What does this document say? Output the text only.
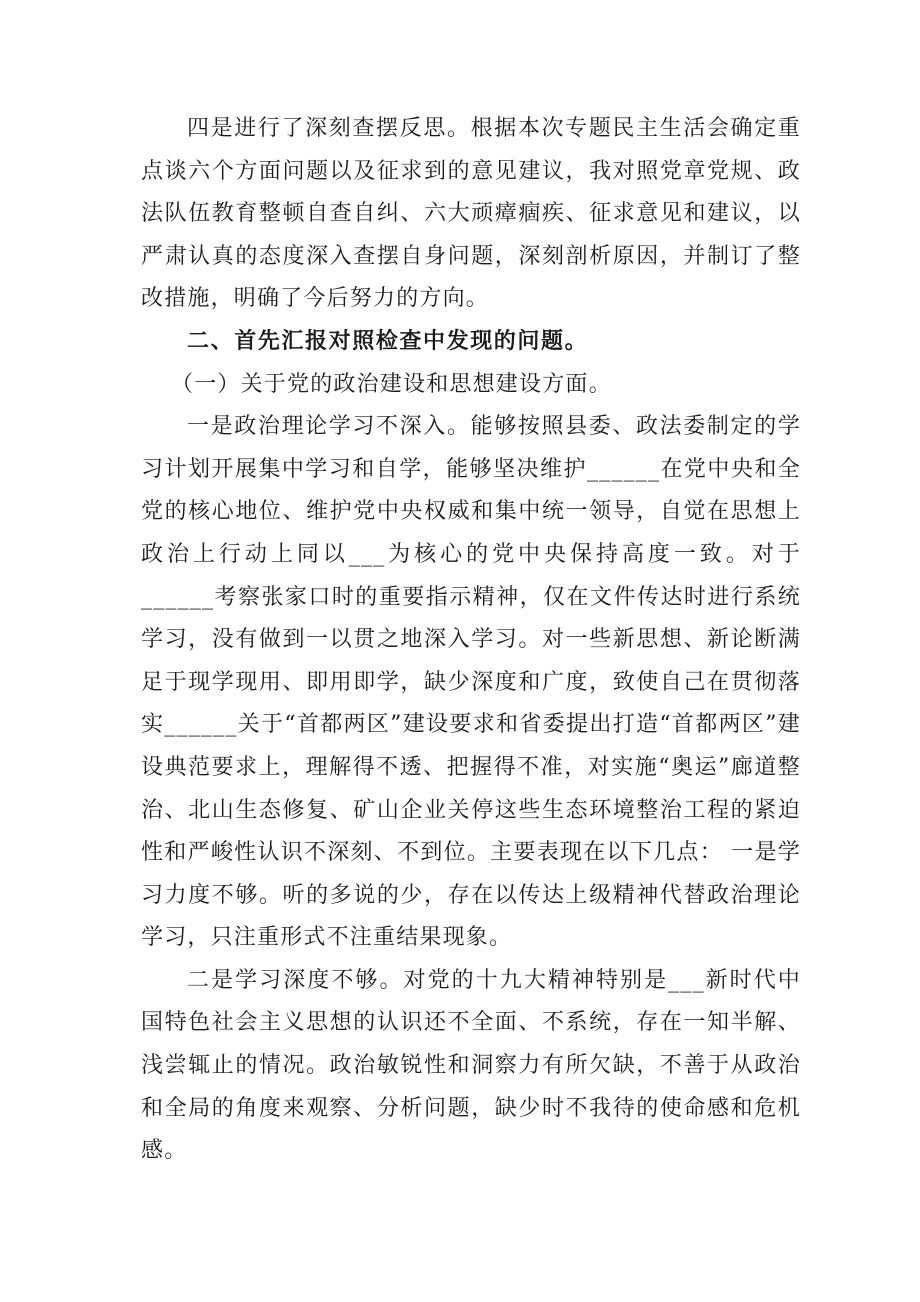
四是进行了深刻查摆反思。根据本次专题民主生活会确定重点谈六个方面问题以及征求到的意见建议，我对照党章党规、政法队伍教育整顿自查自纠、六大顽瘴痼疾、征求意见和建议，以严肃认真的态度深入查摆自身问题，深刻剖析原因，并制订了整改措施，明确了今后努力的方向。

二、首先汇报对照检查中发现的问题。

（一）关于党的政治建设和思想建设方面。

一是政治理论学习不深入。能够按照县委、政法委制定的学习计划开展集中学习和自学，能够坚决维护______在党中央和全党的核心地位、维护党中央权威和集中统一领导，自觉在思想上政治上行动上同以___为核心的党中央保持高度一致。对于______考察张家口时的重要指示精神，仅在文件传达时进行系统学习，没有做到一以贯之地深入学习。对一些新思想、新论断满足于现学现用、即用即学，缺少深度和广度，致使自己在贯彻落实______关于“首都两区”建设要求和省委提出打造“首都两区”建设典范要求上，理解得不透、把握得不准，对实施“奥运”廊道整治、北山生态修复、矿山企业关停这些生态环境整治工程的紧迫性和严峻性认识不深刻、不到位。主要表现在以下几点： 一是学习力度不够。听的多说的少，存在以传达上级精神代替政治理论学习，只注重形式不注重结果现象。

二是学习深度不够。对党的十九大精神特别是___新时代中国特色社会主义思想的认识还不全面、不系统，存在一知半解、浅尝辄止的情况。政治敏锐性和洞察力有所欠缺，不善于从政治和全局的角度来观察、分析问题，缺少时不我待的使命感和危机感。
